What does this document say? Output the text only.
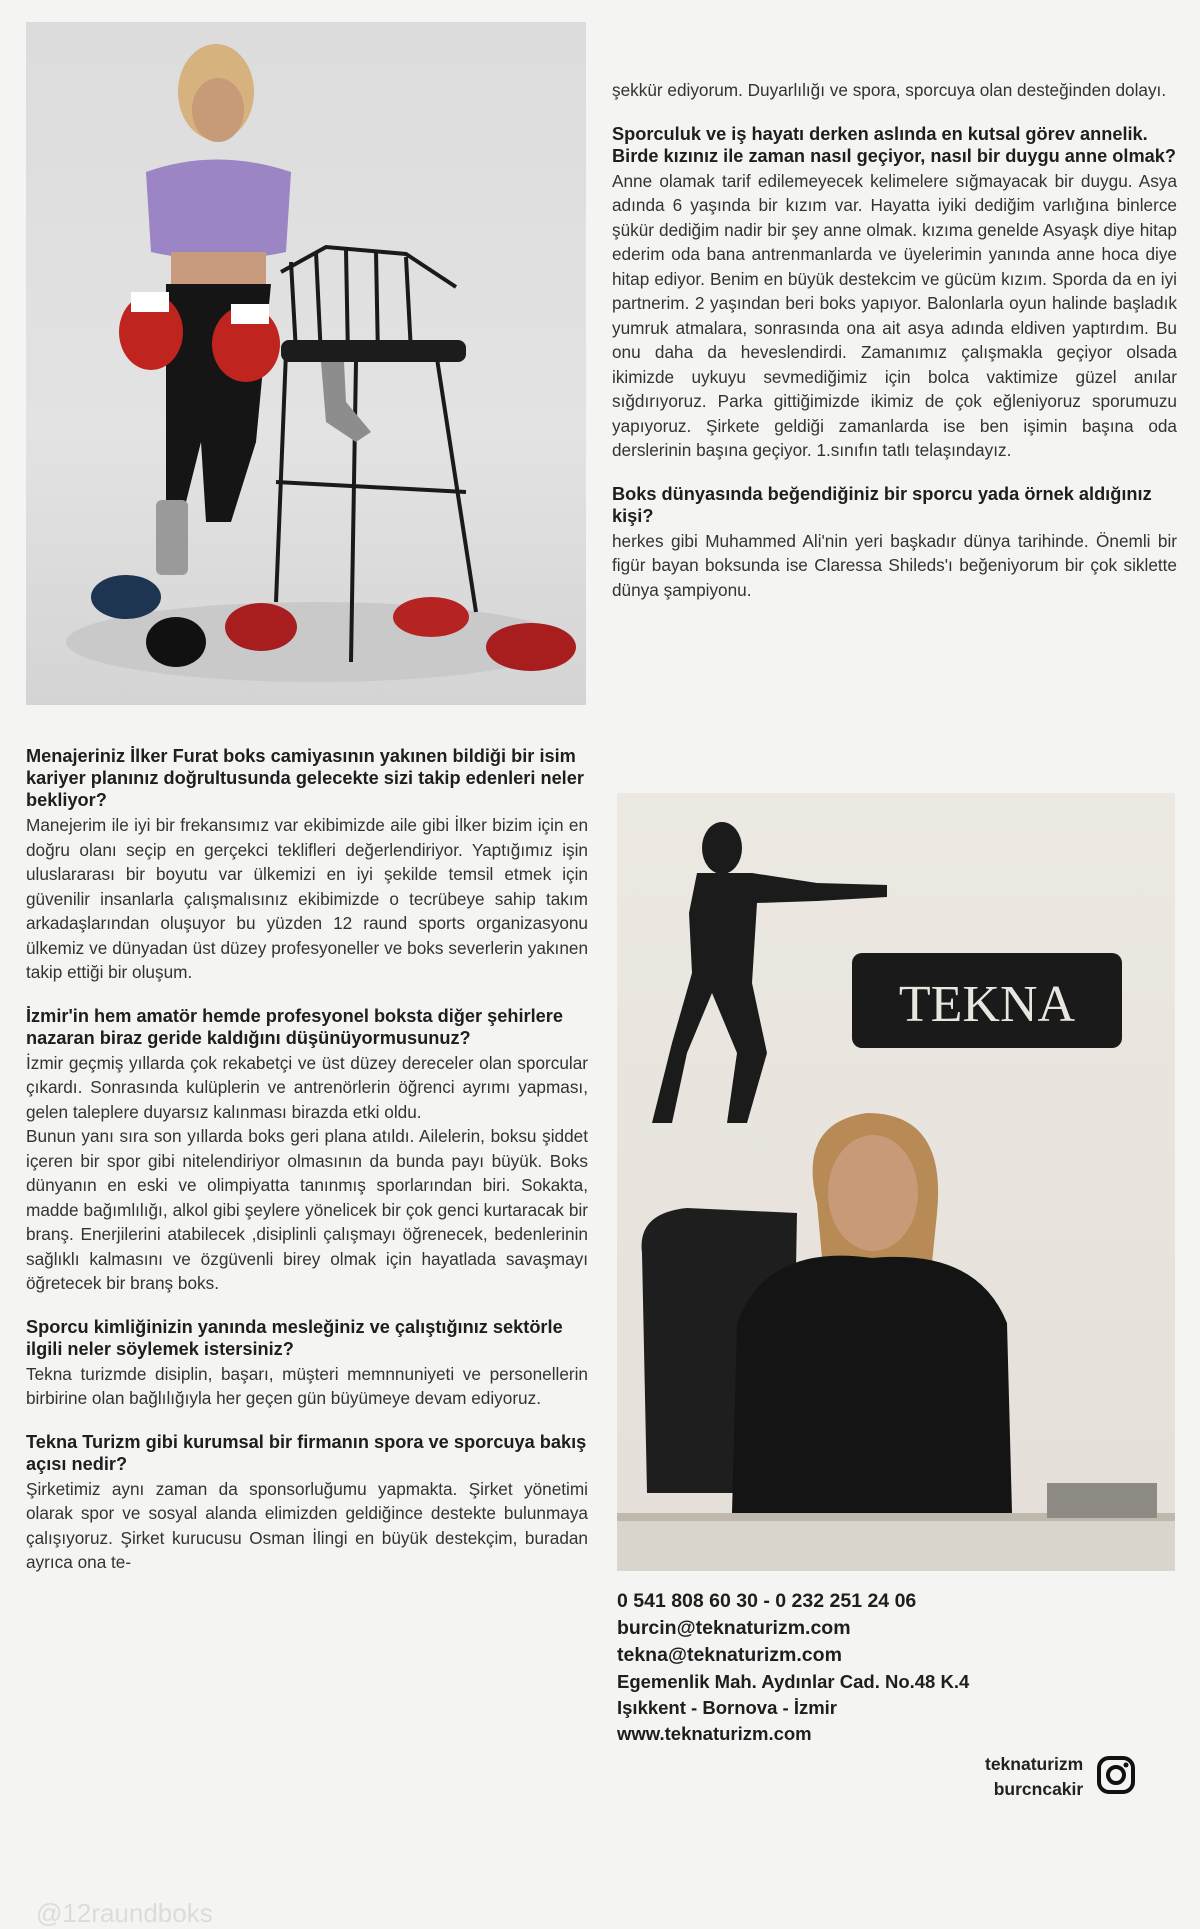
Menajeriniz İlker Furat boks camiyasının yakınen bildiği bir isim kariyer planınız doğrultusunda gelecekte sizi takip edenleri neler bekliyor?

Manejerim ile iyi bir frekansımız var ekibimizde aile gibi İlker bizim için en doğru olanı seçip en gerçekci teklifleri değerlendiriyor. Yaptığımız işin uluslararası bir boyutu var ülkemizi en iyi şekilde temsil etmek için güvenilir insanlarla çalışmalısınız ekibimizde o tecrübeye sahip takım arkadaşlarından oluşuyor bu yüzden 12 raund sports organizasyonu ülkemiz ve dünyadan üst düzey profesyoneller ve boks severlerin yakınen takip ettiği bir oluşum.

İzmir'in hem amatör hemde profesyonel boksta diğer şehirlere nazaran biraz geride kaldığını düşünüyormusunuz?

İzmir geçmiş yıllarda çok rekabetçi ve üst düzey dereceler olan sporcular çıkardı. Sonrasında kulüplerin ve antrenörlerin öğrenci ayrımı yapması, gelen taleplere duyarsız kalınması birazda etki oldu.

Bunun yanı sıra son yıllarda boks geri plana atıldı. Ailelerin, boksu şiddet içeren bir spor gibi nitelendiriyor olmasının da bunda payı büyük. Boks dünyanın en eski ve olimpiyatta tanınmış sporlarından biri. Sokakta, madde bağımlılığı, alkol gibi şeylere yönelicek bir çok genci kurtaracak bir branş. Enerjilerini atabilecek ,disiplinli çalışmayı öğrenecek, bedenlerinin sağlıklı kalmasını ve özgüvenli birey olmak için hayatlada savaşmayı öğretecek bir branş boks.

Sporcu kimliğinizin yanında mesleğiniz ve çalıştığınız sektörle ilgili neler söylemek istersiniz?

Tekna turizmde disiplin, başarı, müşteri memnnuniyeti ve personellerin birbirine olan bağlılığıyla her geçen gün büyümeye devam ediyoruz.

Tekna Turizm gibi kurumsal bir firmanın spora ve sporcuya bakış açısı nedir?

Şirketimiz aynı zaman da sponsorluğumu yapmakta. Şirket yönetimi olarak spor ve sosyal alanda elimizden geldiğince destekte bulunmaya çalışıyoruz. Şirket kurucusu Osman İlingi en büyük destekçim, buradan ayrıca ona te-

şekkür ediyorum. Duyarlılığı ve spora, sporcuya olan desteğinden dolayı.

Sporculuk ve iş hayatı derken aslında en kutsal görev annelik. Birde kızınız ile zaman nasıl geçiyor, nasıl bir duygu anne olmak?

Anne olamak tarif edilemeyecek kelimelere sığmayacak bir duygu. Asya adında 6 yaşında bir kızım var. Hayatta iyiki dediğim varlığına binlerce şükür dediğim nadir bir şey anne olmak. kızıma genelde Asyaşk diye hitap ederim oda bana antrenmanlarda ve üyelerimin yanında anne hoca diye hitap ediyor. Benim en büyük destekcim ve gücüm kızım. Sporda da en iyi partnerim. 2 yaşından beri boks yapıyor. Balonlarla oyun halinde başladık yumruk atmalara, sonrasında ona ait asya adında eldiven yaptırdım. Bu onu daha da heveslendirdi. Zamanımız çalışmakla geçiyor olsada ikimizde uykuyu sevmediğimiz için bolca vaktimize güzel anılar sığdırıyoruz. Parka gittiğimizde ikimiz de çok eğleniyoruz sporumuzu yapıyoruz. Şirkete geldiği zamanlarda ise ben işimin başına oda derslerinin başına geçiyor. 1.sınıfın tatlı telaşındayız.

Boks dünyasında beğendiğiniz bir sporcu yada örnek aldığınız kişi?

herkes gibi Muhammed Ali'nin yeri başkadır dünya tarihinde. Önemli bir figür bayan boksunda ise Claressa Shileds'ı beğeniyorum bir çok siklette dünya şampiyonu.

TEKNA
0 541 808 60 30 - 0 232 251 24 06
burcin@teknaturizm.com
tekna@teknaturizm.com
Egemenlik Mah. Aydınlar Cad. No.48 K.4
Işıkkent - Bornova - İzmir
www.teknaturizm.com
teknaturizm
burcncakir

@12raundboks
